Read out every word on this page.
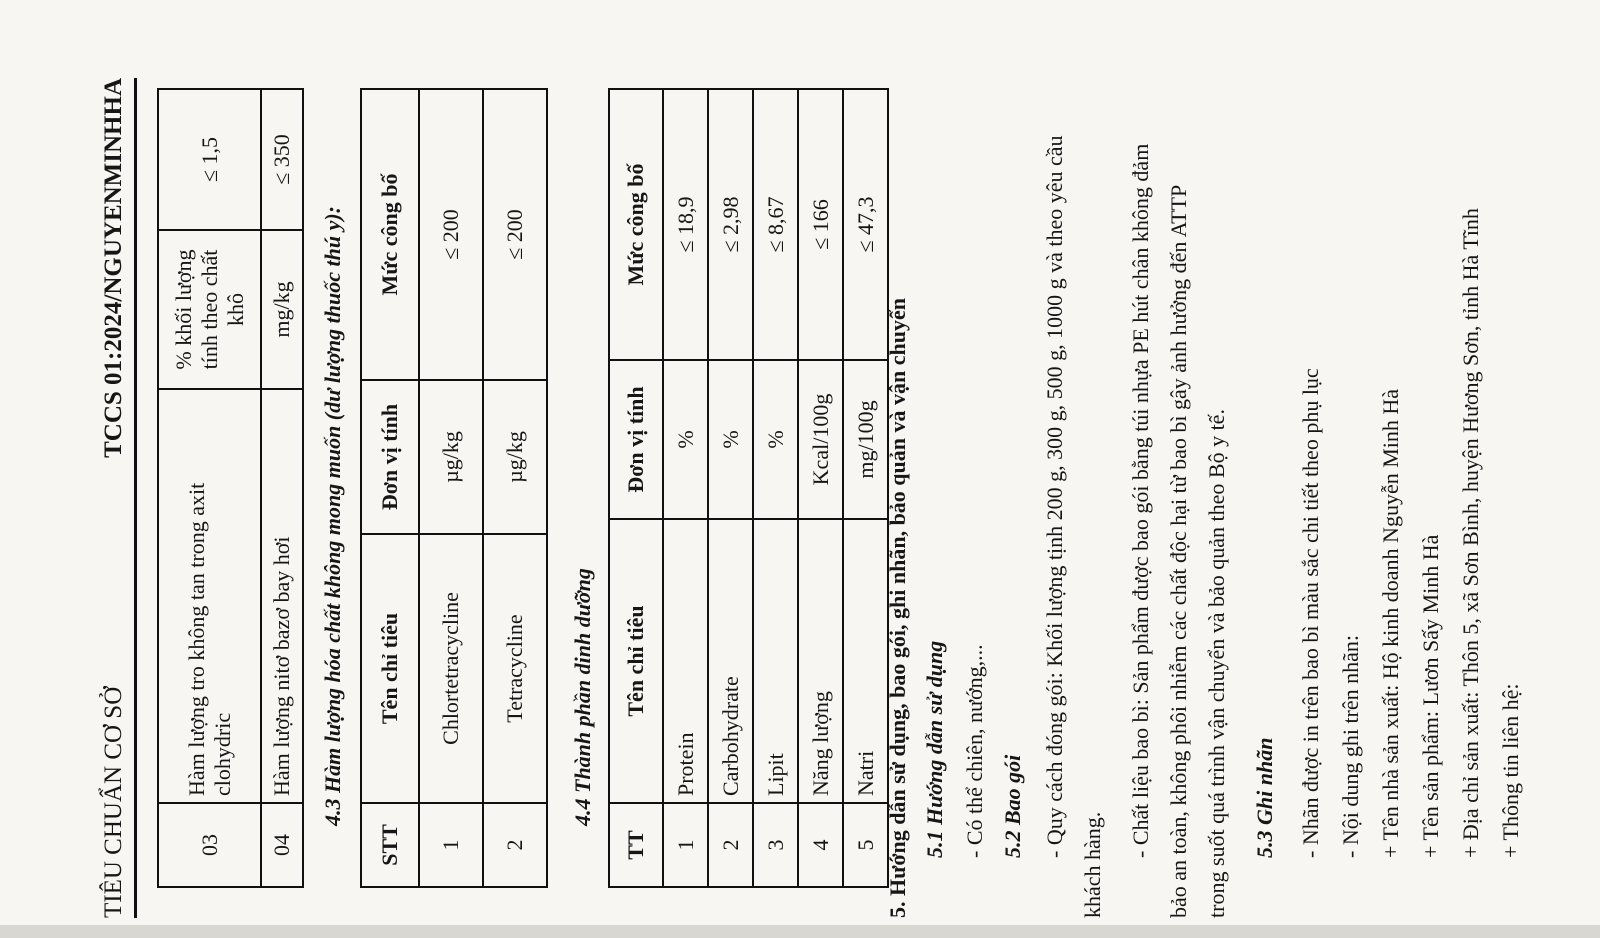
TIÊU CHUẨN CƠ SỞ
TCCS 01:2024/NGUYENMINHHA
03	Hàm lượng tro không tan trong axit clohydric	% khối lượng tính theo chất khô	≤ 1,5
04	Hàm lượng nitơ bazơ bay hơi	mg/kg	≤ 350
4.3 Hàm lượng hóa chất không mong muốn (dư lượng thuốc thú y):
STT	Tên chỉ tiêu	Đơn vị tính	Mức công bố
1	Chlortetracycline	µg/kg	≤ 200
2	Tetracycline	µg/kg	≤ 200
4.4 Thành phần dinh dưỡng
TT	Tên chỉ tiêu	Đơn vị tính	Mức công bố
1	Protein	%	≤ 18,9
2	Carbohydrate	%	≤ 2,98
3	Lipit	%	≤ 8,67
4	Năng lượng	Kcal/100g	≤ 166
5	Natri	mg/100g	≤ 47,3
5. Hướng dẫn sử dụng, bao gói, ghi nhãn, bảo quản và vận chuyển 5.1 Hướng dẫn sử dụng - Có thể chiên, nướng,... 5.2 Bao gói - Quy cách đóng gói: Khối lượng tịnh 200 g, 300 g, 500 g, 1000 g và theo yêu cầu
khách hàng.
- Chất liệu bao bì: Sản phẩm được bao gói bằng túi nhựa PE hút chân không đảm bảo an toàn, không phôi nhiễm các chất độc hại từ bao bì gây ảnh hưởng đến ATTP trong suốt quá trình vận chuyển và bảo quản theo Bộ y tế. 5.3 Ghi nhãn - Nhãn được in trên bao bì màu sắc chi tiết theo phụ lục - Nội dung ghi trên nhãn: + Tên nhà sản xuất: Hộ kinh doanh Nguyễn Minh Hà + Tên sản phẩm: Lươn Sấy Minh Hà + Địa chỉ sản xuất: Thôn 5, xã Sơn Bình, huyện Hương Sơn, tỉnh Hà Tĩnh + Thông tin liên hệ:
